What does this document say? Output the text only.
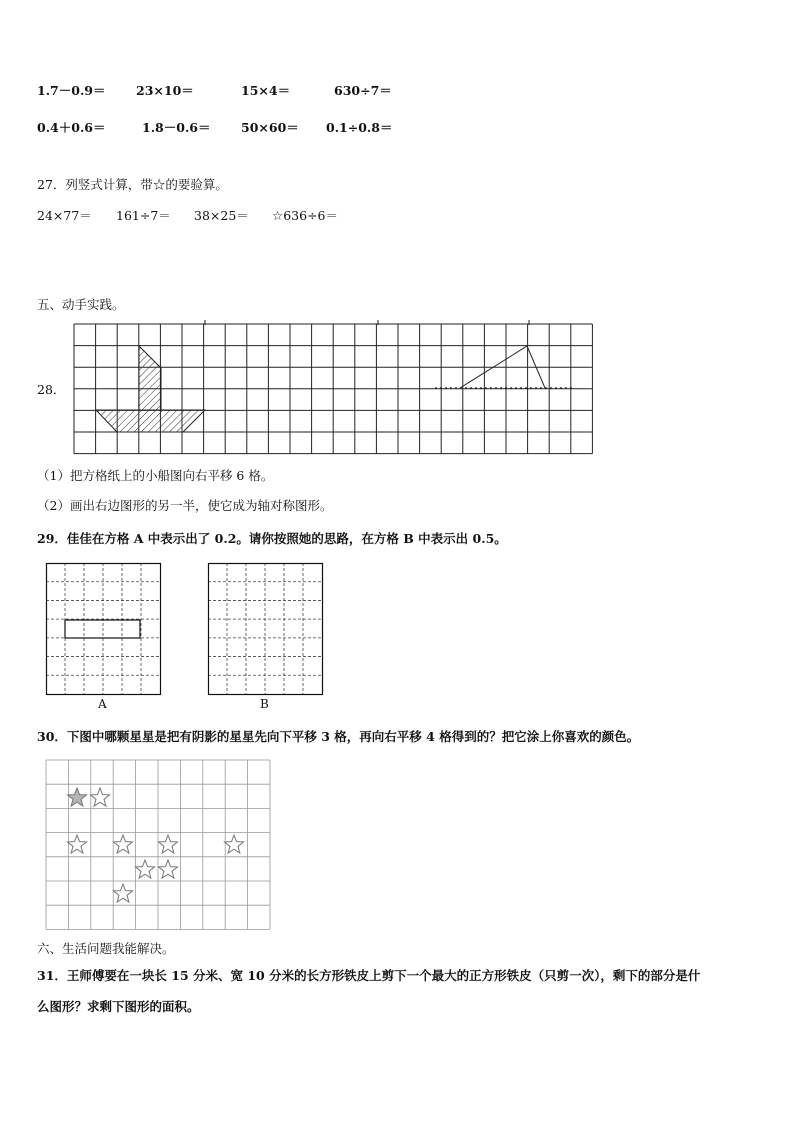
1.7－0.9＝ 23×10＝	15×4＝	630÷7＝
0.4＋0.6＝	1.8－0.6＝ 50×60＝ 0.1÷0.8＝
27．列竖式计算，带☆的要验算。
24×77＝ 161÷7＝ 38×25＝ ☆636÷6＝
五、动手实践。
28．
（1）把方格纸上的小船图向右平移 6 格。
（2）画出右边图形的另一半，使它成为轴对称图形。
29．佳佳在方格 A 中表示出了 0.2。请你按照她的思路，在方格 B 中表示出 0.5。
A	B
30．下图中哪颗星星是把有阴影的星星先向下平移 3 格，再向右平移 4 格得到的？把它涂上你喜欢的颜色。
六、生活问题我能解决。
31．王师傅要在一块长 15 分米、宽 10 分米的长方形铁皮上剪下一个最大的正方形铁皮（只剪一次），剩下的部分是什
么图形？求剩下图形的面积。
